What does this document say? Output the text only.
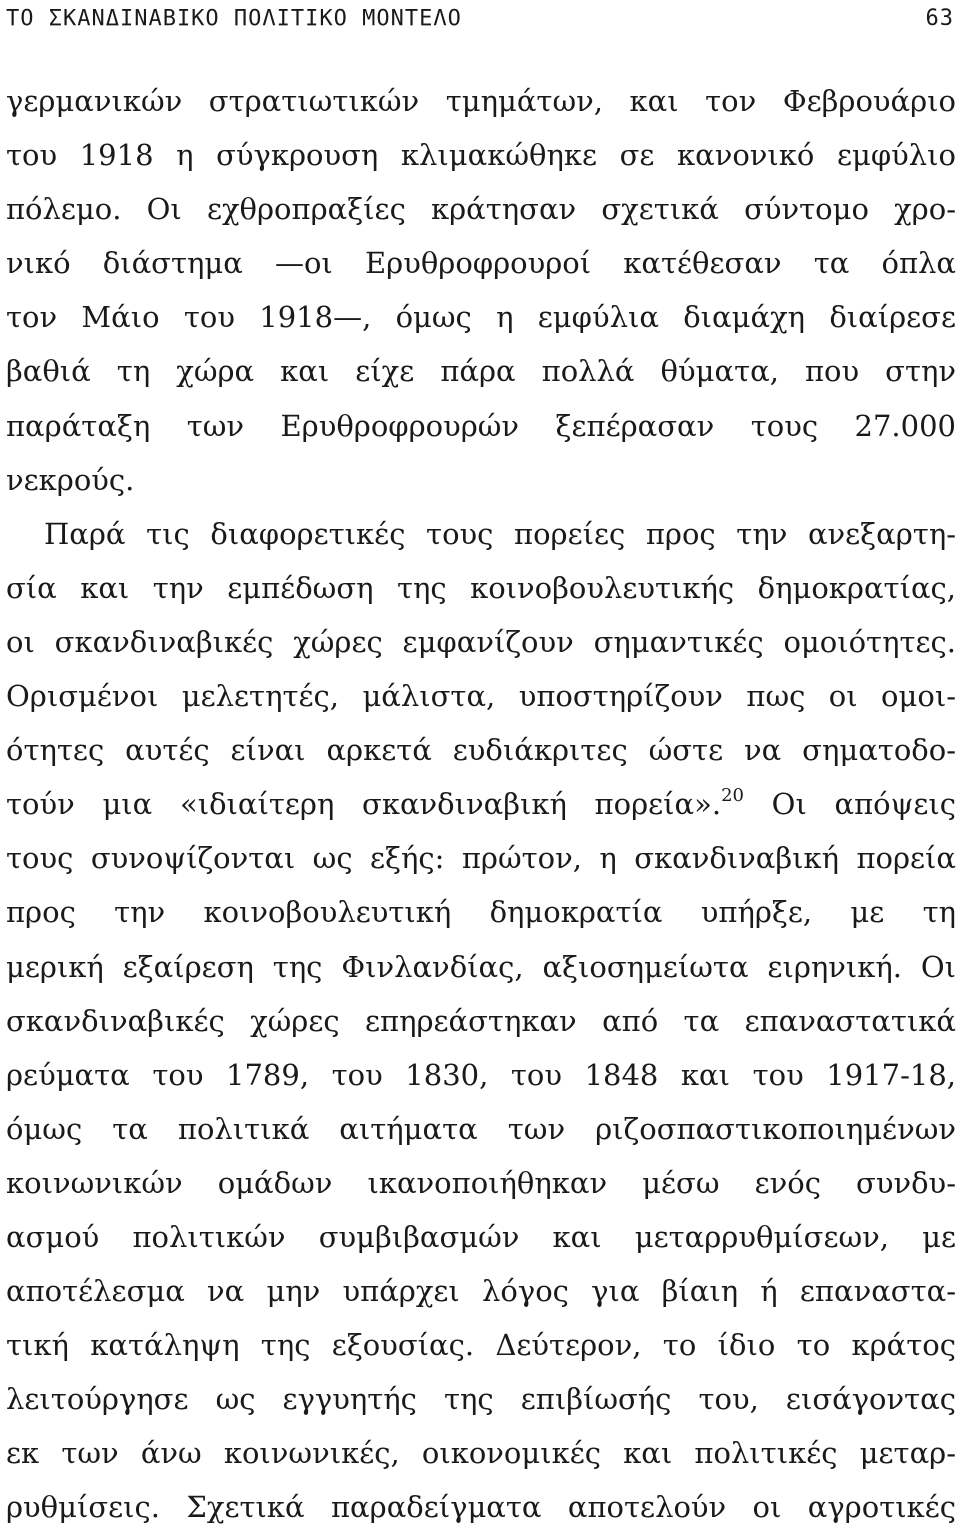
ΤΟ ΣΚΑΝΔΙΝΑΒΙΚΟ ΠΟΛΙΤΙΚΟ ΜΟΝΤΕΛΟ	63
γερμανικών στρατιωτικών τμημάτων, και τον Φεβρουάριο
του 1918 η σύγκρουση κλιμακώθηκε σε κανονικό εμφύλιο
πόλεμο. Οι εχθροπραξίες κράτησαν σχετικά σύντομο χρο-
νικό διάστημα —οι Ερυθροφρουροί κατέθεσαν τα όπλα
τον Μάιο του 1918—, όμως η εμφύλια διαμάχη διαίρεσε
βαθιά τη χώρα και είχε πάρα πολλά θύματα, που στην
παράταξη των Ερυθροφρουρών ξεπέρασαν τους 27.000
νεκρούς.
Παρά τις διαφορετικές τους πορείες προς την ανεξαρτη-
σία και την εμπέδωση της κοινοβουλευτικής δημοκρατίας,
οι σκανδιναβικές χώρες εμφανίζουν σημαντικές ομοιότητες.
Ορισμένοι μελετητές, μάλιστα, υποστηρίζουν πως οι ομοι-
ότητες αυτές είναι αρκετά ευδιάκριτες ώστε να σηματοδο-
τούν μια «ιδιαίτερη σκανδιναβική πορεία».$^{20}$ Οι απόψεις
τους συνοψίζονται ως εξής: πρώτον, η σκανδιναβική πορεία
προς την κοινοβουλευτική δημοκρατία υπήρξε, με τη
μερική εξαίρεση της Φινλανδίας, αξιοσημείωτα ειρηνική. Οι
σκανδιναβικές χώρες επηρεάστηκαν από τα επαναστατικά
ρεύματα του 1789, του 1830, του 1848 και του 1917-18,
όμως τα πολιτικά αιτήματα των ριζοσπαστικοποιημένων
κοινωνικών ομάδων ικανοποιήθηκαν μέσω ενός συνδυ-
ασμού πολιτικών συμβιβασμών και μεταρρυθμίσεων, με
αποτέλεσμα να μην υπάρχει λόγος για βίαιη ή επαναστα-
τική κατάληψη της εξουσίας. Δεύτερον, το ίδιο το κράτος
λειτούργησε ως εγγυητής της επιβίωσής του, εισάγοντας
εκ των άνω κοινωνικές, οικονομικές και πολιτικές μεταρ-
ρυθμίσεις. Σχετικά παραδείγματα αποτελούν οι αγροτικές
